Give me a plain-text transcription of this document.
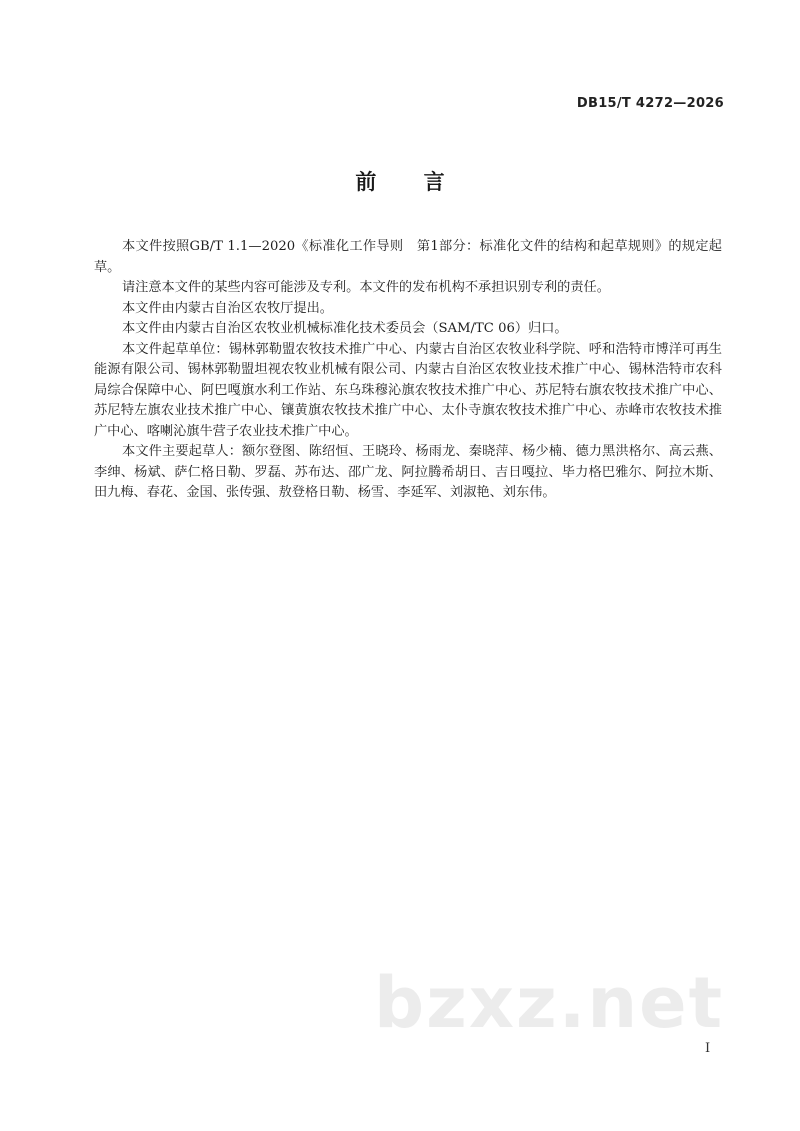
DB15/T 4272—2026
前 言

本文件按照GB/T 1.1—2020《标准化工作导则　第1部分：标准化文件的结构和起草规则》的规定起草。

请注意本文件的某些内容可能涉及专利。本文件的发布机构不承担识别专利的责任。

本文件由内蒙古自治区农牧厅提出。

本文件由内蒙古自治区农牧业机械标准化技术委员会（SAM/TC 06）归口。

本文件起草单位：锡林郭勒盟农牧技术推广中心、内蒙古自治区农牧业科学院、呼和浩特市博洋可再生能源有限公司、锡林郭勒盟坦视农牧业机械有限公司、内蒙古自治区农牧业技术推广中心、锡林浩特市农科局综合保障中心、阿巴嘎旗水利工作站、东乌珠穆沁旗农牧技术推广中心、苏尼特右旗农牧技术推广中心、苏尼特左旗农业技术推广中心、镶黄旗农牧技术推广中心、太仆寺旗农牧技术推广中心、赤峰市农牧技术推广中心、喀喇沁旗牛营子农业技术推广中心。

本文件主要起草人：额尔登图、陈绍恒、王晓玲、杨雨龙、秦晓萍、杨少楠、德力黑洪格尔、高云燕、李绅、杨斌、萨仁格日勒、罗磊、苏布达、邵广龙、阿拉腾希胡日、吉日嘎拉、毕力格巴雅尔、阿拉木斯、田九梅、春花、金国、张传强、敖登格日勒、杨雪、李延军、刘淑艳、刘东伟。

bzxz.net
I
